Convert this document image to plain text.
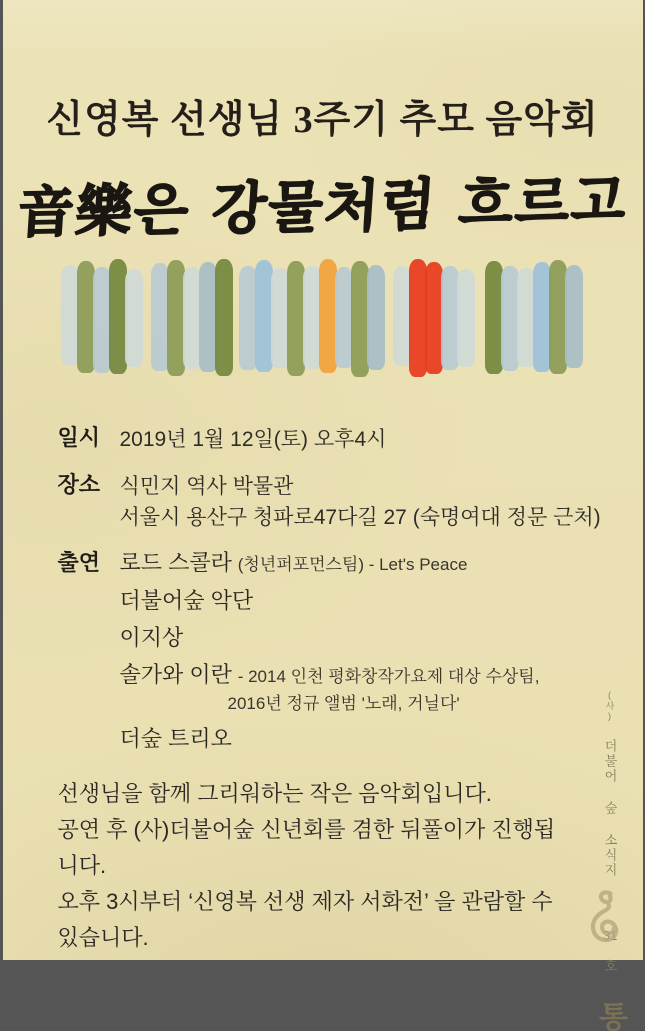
신영복 선생님 3주기 추모 음악회
音樂은 강물처럼 흐르고
일시 2019년 1월 12일(토) 오후4시
장소 식민지 역사 박물관
서울시 용산구 청파로47다길 27 (숙명여대 정문 근처)
출연 로드 스콜라 (청년퍼포먼스팀) - Let's Peace
더불어숲 악단
이지상
솔가와 이란 - 2014 인천 평화창작가요제 대상 수상팀,
2016년 정규 앨범 '노래, 거닐다'
더숲 트리오

선생님을 함께 그리워하는 작은 음악회입니다.

공연 후 (사)더불어숲 신년회를 겸한 뒤풀이가 진행됩니다.

오후 3시부터 ‘신영복 선생 제자 서화전’ 을 관람할 수 있습니다.

(사) 더불어 숲 소식지   31 호 통
